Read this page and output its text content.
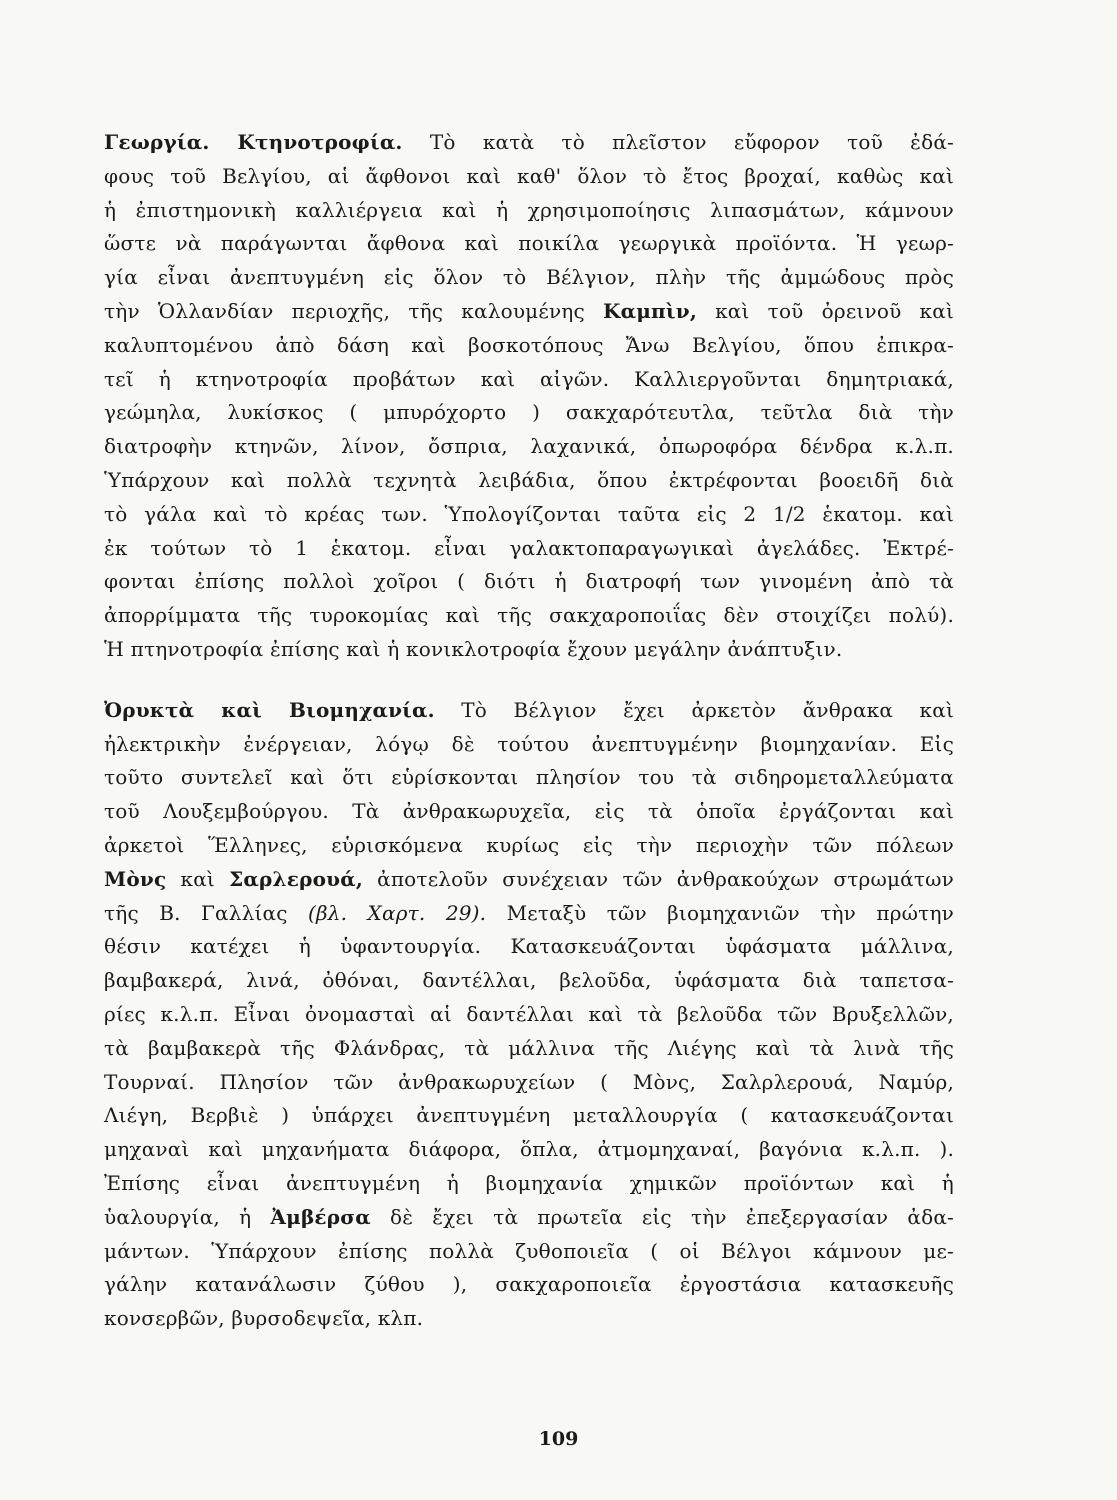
Γεωργία. Κτηνοτροφία. Τὸ κατὰ τὸ πλεῖστον εὔφορον τοῦ ἐδά-
φους τοῦ Βελγίου, αἱ ἄφθονοι καὶ καθ' ὅλον τὸ ἔτος βροχαί, καθὼς καὶ
ἡ ἐπιστημονικὴ καλλιέργεια καὶ ἡ χρησιμοποίησις λιπασμάτων, κάμνουν
ὥστε νὰ παράγωνται ἄφθονα καὶ ποικίλα γεωργικὰ προϊόντα. Ἡ γεωρ-
γία εἶναι ἀνεπτυγμένη εἰς ὅλον τὸ Βέλγιον, πλὴν τῆς ἀμμώδους πρὸς
τὴν Ὁλλανδίαν περιοχῆς, τῆς καλουμένης Καμπὶν, καὶ τοῦ ὀρεινοῦ καὶ
καλυπτομένου ἀπὸ δάση καὶ βοσκοτόπους Ἄνω Βελγίου, ὅπου ἐπικρα-
τεῖ ἡ κτηνοτροφία προβάτων καὶ αἰγῶν. Καλλιεργοῦνται δημητριακά,
γεώμηλα, λυκίσκος ( μπυρόχορτο ) σακχαρότευτλα, τεῦτλα διὰ τὴν
διατροφὴν κτηνῶν, λίνον, ὄσπρια, λαχανικά, ὀπωροφόρα δένδρα κ.λ.π.
Ὑπάρχουν καὶ πολλὰ τεχνητὰ λειβάδια, ὅπου ἐκτρέφονται βοοειδῆ διὰ
τὸ γάλα καὶ τὸ κρέας των. Ὑπολογίζονται ταῦτα εἰς 2 1/2 ἑκατομ. καὶ
ἐκ τούτων τὸ 1 ἑκατομ. εἶναι γαλακτοπαραγωγικαὶ ἀγελάδες. Ἐκτρέ-
φονται ἐπίσης πολλοὶ χοῖροι ( διότι ἡ διατροφή των γινομένη ἀπὸ τὰ
ἀπορρίμματα τῆς τυροκομίας καὶ τῆς σακχαροποιΐας δὲν στοιχίζει πολύ).
Ἡ πτηνοτροφία ἐπίσης καὶ ἡ κονικλοτροφία ἔχουν μεγάλην ἀνάπτυξιν.
Ὀρυκτὰ καὶ Βιομηχανία. Τὸ Βέλγιον ἔχει ἀρκετὸν ἄνθρακα καὶ
ἠλεκτρικὴν ἐνέργειαν, λόγῳ δὲ τούτου ἀνεπτυγμένην βιομηχανίαν. Εἰς
τοῦτο συντελεῖ καὶ ὅτι εὑρίσκονται πλησίον του τὰ σιδηρομεταλλεύματα
τοῦ Λουξεμβούργου. Τὰ ἀνθρακωρυχεῖα, εἰς τὰ ὁποῖα ἐργάζονται καὶ
ἀρκετοὶ Ἕλληνες, εὑρισκόμενα κυρίως εἰς τὴν περιοχὴν τῶν πόλεων
Μὸνς καὶ Σαρλερουά, ἀποτελοῦν συνέχειαν τῶν ἀνθρακούχων στρωμάτων
τῆς Β. Γαλλίας (βλ. Χαρτ. 29). Μεταξὺ τῶν βιομηχανιῶν τὴν πρώτην
θέσιν κατέχει ἡ ὑφαντουργία. Κατασκευάζονται ὑφάσματα μάλλινα,
βαμβακερά, λινά, ὀθόναι, δαντέλλαι, βελοῦδα, ὑφάσματα διὰ ταπετσα-
ρίες κ.λ.π. Εἶναι ὀνομασταὶ αἱ δαντέλλαι καὶ τὰ βελοῦδα τῶν Βρυξελλῶν,
τὰ βαμβακερὰ τῆς Φλάνδρας, τὰ μάλλινα τῆς Λιέγης καὶ τὰ λινὰ τῆς
Τουρναί. Πλησίον τῶν ἀνθρακωρυχείων ( Μὸνς, Σαλρλερουά, Ναμύρ,
Λιέγη, Βερβιὲ ) ὑπάρχει ἀνεπτυγμένη μεταλλουργία ( κατασκευάζονται
μηχαναὶ καὶ μηχανήματα διάφορα, ὅπλα, ἀτμομηχαναί, βαγόνια κ.λ.π. ).
Ἐπίσης εἶναι ἀνεπτυγμένη ἡ βιομηχανία χημικῶν προϊόντων καὶ ἡ
ὑαλουργία, ἡ Ἀμβέρσα δὲ ἔχει τὰ πρωτεῖα εἰς τὴν ἐπεξεργασίαν ἀδα-
μάντων. Ὑπάρχουν ἐπίσης πολλὰ ζυθοποιεῖα ( οἱ Βέλγοι κάμνουν με-
γάλην κατανάλωσιν ζύθου ), σακχαροποιεῖα ἐργοστάσια κατασκευῆς
κονσερβῶν, βυρσοδεψεῖα, κλπ.
109
